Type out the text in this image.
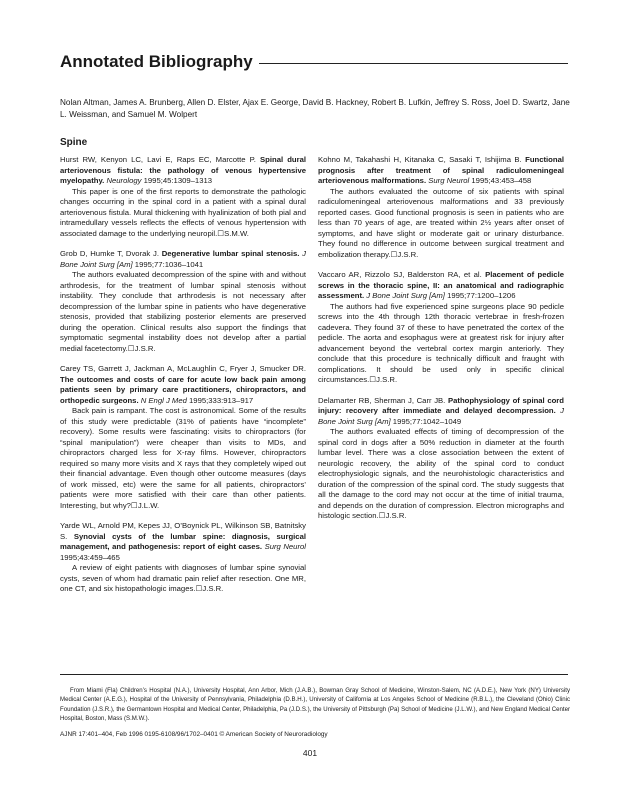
Annotated Bibliography
Nolan Altman, James A. Brunberg, Allen D. Elster, Ajax E. George, David B. Hackney, Robert B. Lufkin, Jeffrey S. Ross, Joel D. Swartz, Jane L. Weissman, and Samuel M. Wolpert
Spine
Hurst RW, Kenyon LC, Lavi E, Raps EC, Marcotte P. Spinal dural arteriovenous fistula: the pathology of venous hypertensive myelopathy. Neurology 1995;45:1309–1313

This paper is one of the first reports to demonstrate the pathologic changes occurring in the spinal cord in a patient with a spinal dural arteriovenous fistula. Mural thickening with hyalinization of both pial and intramedullary vessels reflects the effects of venous hypertension with associated damage to the underlying neuropil.☐S.M.W.

Grob D, Humke T, Dvorak J. Degenerative lumbar spinal stenosis. J Bone Joint Surg [Am] 1995;77:1036–1041

The authors evaluated decompression of the spine with and without arthrodesis, for the treatment of lumbar spinal stenosis without instability. They conclude that arthrodesis is not necessary after decompression of the lumbar spine in patients who have degenerative stenosis, provided that stabilizing posterior elements are preserved during the operation. Clinical results also support the findings that symptomatic segmental instability does not develop after a partial medial facetectomy.☐J.S.R.

Carey TS, Garrett J, Jackman A, McLaughlin C, Fryer J, Smucker DR. The outcomes and costs of care for acute low back pain among patients seen by primary care practitioners, chiropractors, and orthopedic surgeons. N Engl J Med 1995;333:913–917

Back pain is rampant. The cost is astronomical. Some of the results of this study were predictable (31% of patients have “incomplete” recovery). Some results were fascinating: visits to chiropractors (for “spinal manipulation”) were cheaper than visits to MDs, and chiropractors charged less for X-ray films. However, chiropractors required so many more visits and X rays that they completely wiped out their financial advantage. Even though other outcome measures (days of work missed, etc) were the same for all patients, chiropractors’ patients were more satisfied with their care than other patients. Interesting, but why?☐J.L.W.

Yarde WL, Arnold PM, Kepes JJ, O’Boynick PL, Wilkinson SB, Batnitsky S. Synovial cysts of the lumbar spine: diagnosis, surgical management, and pathogenesis: report of eight cases. Surg Neurol 1995;43:459–465

A review of eight patients with diagnoses of lumbar spine synovial cysts, seven of whom had dramatic pain relief after resection. One MR, one CT, and six histopathologic images.☐J.S.R.

Kohno M, Takahashi H, Kitanaka C, Sasaki T, Ishijima B. Functional prognosis after treatment of spinal radiculomeningeal arteriovenous malformations. Surg Neurol 1995;43:453–458

The authors evaluated the outcome of six patients with spinal radiculomeningeal arteriovenous malformations and 33 previously reported cases. Good functional prognosis is seen in patients who are less than 70 years of age, are treated within 2½ years after onset of symptoms, and have slight or moderate gait or urinary disturbance. They found no difference in outcome between surgical treatment and embolization therapy.☐J.S.R.

Vaccaro AR, Rizzolo SJ, Balderston RA, et al. Placement of pedicle screws in the thoracic spine, II: an anatomical and radiographic assessment. J Bone Joint Surg [Am] 1995;77:1200–1206

The authors had five experienced spine surgeons place 90 pedicle screws into the 4th through 12th thoracic vertebrae in fresh-frozen cadevera. They found 37 of these to have penetrated the cortex of the pedicle. The aorta and esophagus were at greatest risk for injury after advancement beyond the vertebral cortex margin anteriorly. They conclude that this procedure is technically difficult and fraught with complications. It should be used only in specific clinical circumstances.☐J.S.R.

Delamarter RB, Sherman J, Carr JB. Pathophysiology of spinal cord injury: recovery after immediate and delayed decompression. J Bone Joint Surg [Am] 1995;77:1042–1049

The authors evaluated effects of timing of decompression of the spinal cord in dogs after a 50% reduction in diameter at the fourth lumbar level. There was a close association between the extent of neurologic recovery, the ability of the spinal cord to conduct electrophysiologic signals, and the neurohistologic characteristics and duration of the compression of the spinal cord. The study suggests that all the damage to the cord may not occur at the time of initial trauma, and depends on the duration of compression. Electron micrographs and histologic section.☐J.S.R.

From Miami (Fla) Children’s Hospital (N.A.), University Hospital, Ann Arbor, Mich (J.A.B.), Bowman Gray School of Medicine, Winston-Salem, NC (A.D.E.), New York (NY) University Medical Center (A.E.G.), Hospital of the University of Pennsylvania, Philadelphia (D.B.H.), University of California at Los Angeles School of Medicine (R.B.L.), the Cleveland (Ohio) Clinic Foundation (J.S.R.), the Germantown Hospital and Medical Center, Philadelphia, Pa (J.D.S.), the University of Pittsburgh (Pa) School of Medicine (J.L.W.), and New England Medical Center Hospital, Boston, Mass (S.M.W.).
AJNR 17:401–404, Feb 1996 0195-6108/96/1702–0401 © American Society of Neuroradiology
401
